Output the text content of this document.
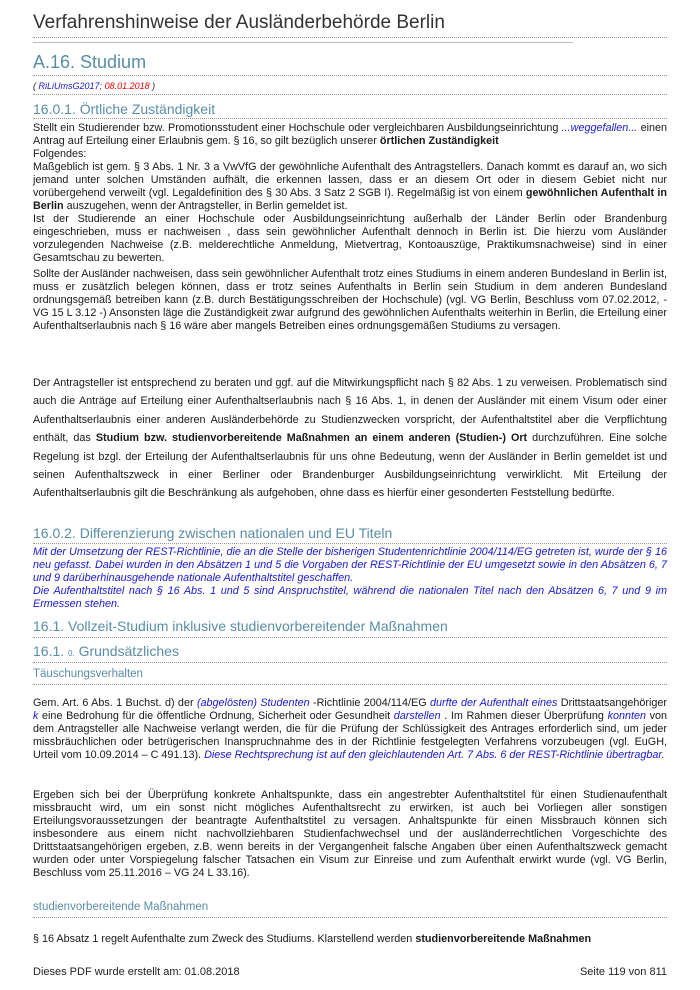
Verfahrenshinweise der Ausländerbehörde Berlin
A.16. Studium
( RiLiUmsG2017; 08.01.2018 )
16.0.1. Örtliche Zuständigkeit

Stellt ein Studierender bzw. Promotionsstudent einer Hochschule oder vergleichbaren Ausbildungseinrichtung ...weggefallen... einen Antrag auf Erteilung einer Erlaubnis gem. § 16, so gilt bezüglich unserer örtlichen Zuständigkeit
Folgendes:

Maßgeblich ist gem. § 3 Abs. 1 Nr. 3 a VwVfG der gewöhnliche Aufenthalt des Antragstellers. Danach kommt es darauf an, wo sich jemand unter solchen Umständen aufhält, die erkennen lassen, dass er an diesem Ort oder in diesem Gebiet nicht nur vorübergehend verweilt (vgl. Legaldefinition des § 30 Abs. 3 Satz 2 SGB I). Regelmäßig ist von einem gewöhnlichen Aufenthalt in Berlin auszugehen, wenn der Antragsteller, in Berlin gemeldet ist.

Ist der Studierende an einer Hochschule oder Ausbildungseinrichtung außerhalb der Länder Berlin oder Brandenburg eingeschrieben, muss er nachweisen , dass sein gewöhnlicher Aufenthalt dennoch in Berlin ist. Die hierzu vom Ausländer vorzulegenden Nachweise (z.B. melderechtliche Anmeldung, Mietvertrag, Kontoauszüge, Praktikumsnachweise) sind in einer Gesamtschau zu bewerten.

Sollte der Ausländer nachweisen, dass sein gewöhnlicher Aufenthalt trotz eines Studiums in einem anderen Bundesland in Berlin ist, muss er zusätzlich belegen können, dass er trotz seines Aufenthalts in Berlin sein Studium in dem anderen Bundesland ordnungsgemäß betreiben kann (z.B. durch Bestätigungsschreiben der Hochschule) (vgl. VG Berlin, Beschluss vom 07.02.2012, - VG 15 L 3.12 -) Ansonsten läge die Zuständigkeit zwar aufgrund des gewöhnlichen Aufenthalts weiterhin in Berlin, die Erteilung einer Aufenthaltserlaubnis nach § 16 wäre aber mangels Betreiben eines ordnungsgemäßen Studiums zu versagen.

Der Antragsteller ist entsprechend zu beraten und ggf. auf die Mitwirkungspflicht nach § 82 Abs. 1 zu verweisen. Problematisch sind auch die Anträge auf Erteilung einer Aufenthaltserlaubnis nach § 16 Abs. 1, in denen der Ausländer mit einem Visum oder einer Aufenthaltserlaubnis einer anderen Ausländerbehörde zu Studienzwecken vorspricht, der Aufenthaltstitel aber die Verpflichtung enthält, das Studium bzw. studienvorbereitende Maßnahmen an einem anderen (Studien-) Ort durchzuführen. Eine solche Regelung ist bzgl. der Erteilung der Aufenthaltserlaubnis für uns ohne Bedeutung, wenn der Ausländer in Berlin gemeldet ist und seinen Aufenthaltszweck in einer Berliner oder Brandenburger Ausbildungseinrichtung verwirklicht. Mit Erteilung der Aufenthaltserlaubnis gilt die Beschränkung als aufgehoben, ohne dass es hierfür einer gesonderten Feststellung bedürfte.

16.0.2. Differenzierung zwischen nationalen und EU Titeln

Mit der Umsetzung der REST-Richtlinie, die an die Stelle der bisherigen Studentenrichtlinie 2004/114/EG getreten ist, wurde der § 16 neu gefasst. Dabei wurden in den Absätzen 1 und 5 die Vorgaben der REST-Richtlinie der EU umgesetzt sowie in den Absätzen 6, 7 und 9 darüberhinausgehende nationale Aufenthaltstitel geschaffen.

Die Aufenthaltstitel nach § 16 Abs. 1 und 5 sind Anspruchstitel, während die nationalen Titel nach den Absätzen 6, 7 und 9 im Ermessen stehen.

16.1. Vollzeit-Studium inklusive studienvorbereitender Maßnahmen
16.1. 0. Grundsätzliches
Täuschungsverhalten

Gem. Art. 6 Abs. 1 Buchst. d) der (abgelösten) Studenten -Richtlinie 2004/114/EG durfte der Aufenthalt eines Drittstaatsangehöriger k eine Bedrohung für die öffentliche Ordnung, Sicherheit oder Gesundheit darstellen . Im Rahmen dieser Überprüfung konnten von dem Antragsteller alle Nachweise verlangt werden, die für die Prüfung der Schlüssigkeit des Antrages erforderlich sind, um jeder missbräuchlichen oder betrügerischen Inanspruchnahme des in der Richtlinie festgelegten Verfahrens vorzubeugen (vgl. EuGH, Urteil vom 10.09.2014 – C 491.13). Diese Rechtsprechung ist auf den gleichlautenden Art. 7 Abs. 6 der REST-Richtlinie übertragbar.

Ergeben sich bei der Überprüfung konkrete Anhaltspunkte, dass ein angestrebter Aufenthaltstitel für einen Studienaufenthalt missbraucht wird, um ein sonst nicht mögliches Aufenthaltsrecht zu erwirken, ist auch bei Vorliegen aller sonstigen Erteilungsvoraussetzungen der beantragte Aufenthaltstitel zu versagen. Anhaltspunkte für einen Missbrauch können sich insbesondere aus einem nicht nachvollziehbaren Studienfachwechsel und der ausländerrechtlichen Vorgeschichte des Drittstaatsangehörigen ergeben, z.B. wenn bereits in der Vergangenheit falsche Angaben über einen Aufenthaltszweck gemacht wurden oder unter Vorspiegelung falscher Tatsachen ein Visum zur Einreise und zum Aufenthalt erwirkt wurde (vgl. VG Berlin, Beschluss vom 25.11.2016 – VG 24 L 33.16).

studienvorbereitende Maßnahmen

§ 16 Absatz 1 regelt Aufenthalte zum Zweck des Studiums. Klarstellend werden studienvorbereitende Maßnahmen

Dieses PDF wurde erstellt am: 01.08.2018	Seite 119 von 811
